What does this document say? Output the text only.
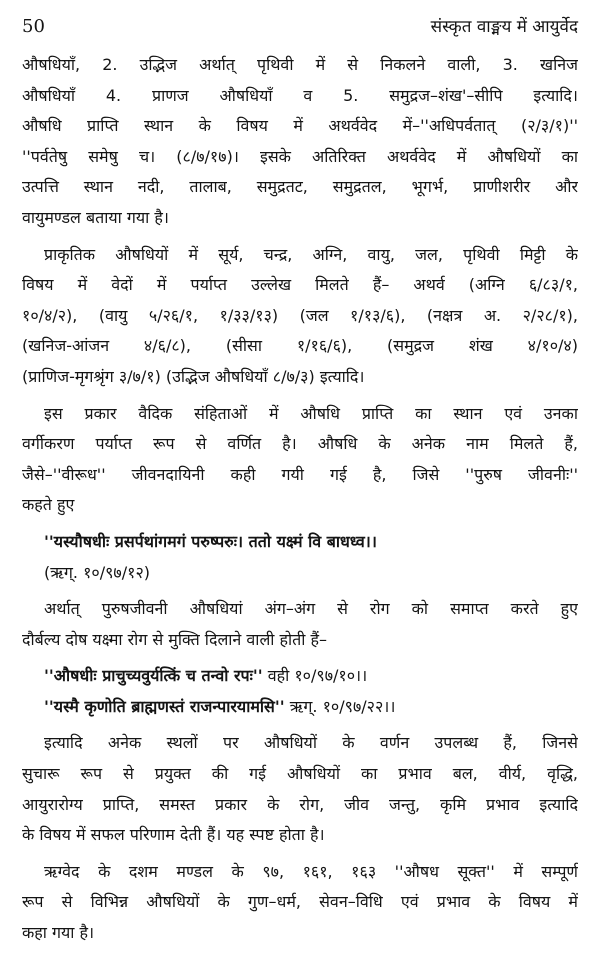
50	संस्कृत वाङ्मय में आयुर्वेद
औषधियाँ, 2. उद्भिज अर्थात् पृथिवी में से निकलने वाली, 3. खनिज
औषधियाँ 4. प्राणज औषधियाँ व 5. समुद्रज–शंख'–सीपि इत्यादि।
औषधि प्राप्ति स्थान के विषय में अथर्ववेद में–''अधिपर्वतात् (२/३/१)''
''पर्वतेषु समेषु च। (८/७/१७)। इसके अतिरिक्त अथर्ववेद में औषधियों का
उत्पत्ति स्थान नदी, तालाब, समुद्रतट, समुद्रतल, भूगर्भ, प्राणीशरीर और
वायुमण्डल बताया गया है।
प्राकृतिक औषधियों में सूर्य, चन्द्र, अग्नि, वायु, जल, पृथिवी मिट्टी के
विषय में वेदों में पर्याप्त उल्लेख मिलते हैं– अथर्व (अग्नि ६/८३/१,
१०/४/२), (वायु ५/२६/१, १/३३/१३) (जल १/१३/६), (नक्षत्र अ. २/२८/१),
(खनिज-आंजन ४/६/८), (सीसा १/१६/६), (समुद्रज शंख ४/१०/४)
(प्राणिज-मृगश्रृंग ३/७/१) (उद्भिज औषधियाँ ८/७/३) इत्यादि।
इस प्रकार वैदिक संहिताओं में औषधि प्राप्ति का स्थान एवं उनका
वर्गीकरण पर्याप्त रूप से वर्णित है। औषधि के अनेक नाम मिलते हैं,
जैसे–''वीरूध'' जीवनदायिनी कही गयी गई है, जिसे ''पुरुष जीवनीः''
कहते हुए
''यस्यौषधीः प्रसर्पथांगमगं परुष्परुः। ततो यक्ष्मं वि बाधध्व।।
(ऋग्. १०/९७/१२)
अर्थात् पुरुषजीवनी औषधियां अंग–अंग से रोग को समाप्त करते हुए
दौर्बल्य दोष यक्ष्मा रोग से मुक्ति दिलाने वाली होती हैं–
''औषधीः प्राचुच्यवुर्यत्किं च तन्वो रपः'' वही १०/९७/१०।।
''यस्मै कृणोति ब्राह्मणस्तं राजन्पारयामसि'' ऋग्. १०/९७/२२।।
इत्यादि अनेक स्थलों पर औषधियों के वर्णन उपलब्ध हैं, जिनसे
सुचारू रूप से प्रयुक्त की गई औषधियों का प्रभाव बल, वीर्य, वृद्धि,
आयुरारोग्य प्राप्ति, समस्त प्रकार के रोग, जीव जन्तु, कृमि प्रभाव इत्यादि
के विषय में सफल परिणाम देती हैं। यह स्पष्ट होता है।
ऋग्वेद के दशम मण्डल के ९७, १६१, १६३ ''औषध सूक्त'' में सम्पूर्ण
रूप से विभिन्न औषधियों के गुण–धर्म, सेवन–विधि एवं प्रभाव के विषय में
कहा गया है।
